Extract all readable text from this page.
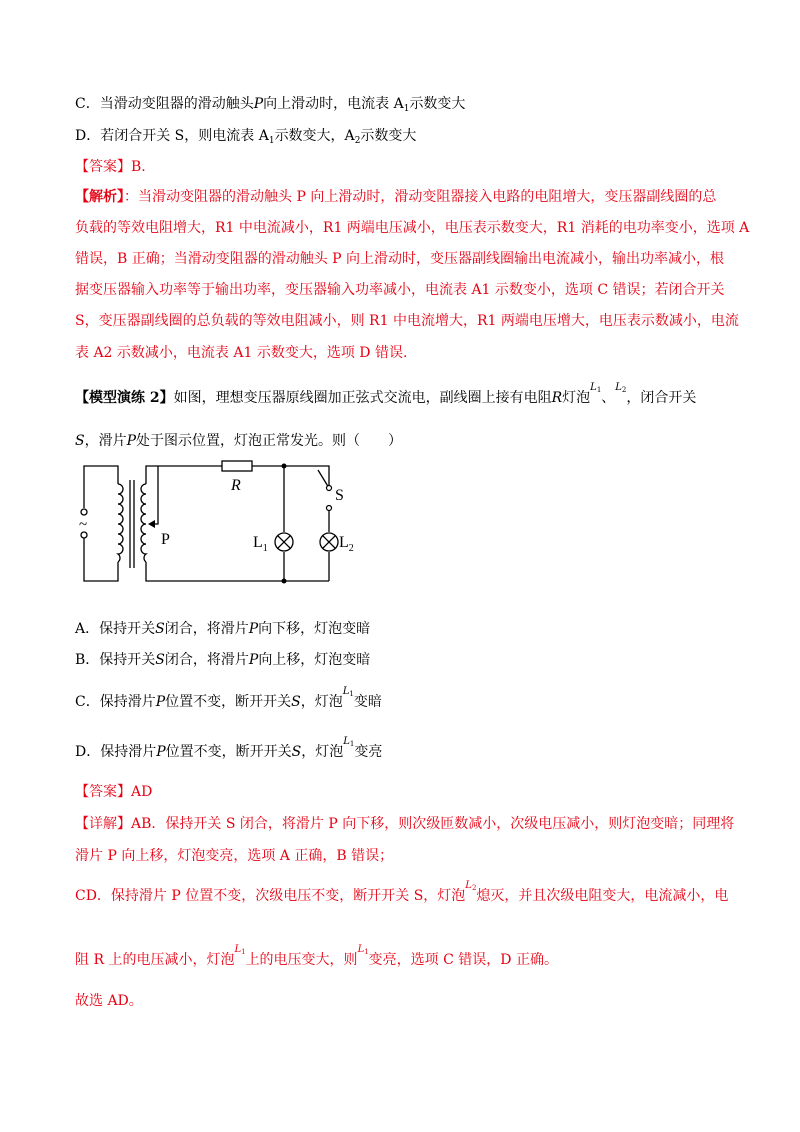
C．当滑动变阻器的滑动触头P向上滑动时，电流表 $A_1$示数变大
D．若闭合开关 S，则电流表 $A_1$示数变大，$A_2$示数变大
【答案】B.
【解析】：当滑动变阻器的滑动触头 P 向上滑动时，滑动变阻器接入电路的电阻增大，变压器副线圈的总
负载的等效电阻增大，R1 中电流减小，R1 两端电压减小，电压表示数变大，R1 消耗的电功率变小，选项 A
错误，B 正确；当滑动变阻器的滑动触头 P 向上滑动时，变压器副线圈输出电流减小，输出功率减小，根
据变压器输入功率等于输出功率，变压器输入功率减小，电流表 A1 示数变小，选项 C 错误；若闭合开关
S，变压器副线圈的总负载的等效电阻减小，则 R1 中电流增大，R1 两端电压增大，电压表示数减小，电流
表 A2 示数减小，电流表 A1 示数变大，选项 D 错误.
【模型演练 2】如图，理想变压器原线圈加正弦式交流电，副线圈上接有电阻R灯泡$^{L_1}$、$^{L_2}$，闭合开关
S，滑片P处于图示位置，灯泡正常发光。则（　　）
~
R
P
S
$L_1$	$L_2$
A．保持开关S闭合，将滑片P向下移，灯泡变暗
B．保持开关S闭合，将滑片P向上移，灯泡变暗
C．保持滑片P位置不变，断开开关S，灯泡$^{L_1}$变暗
D．保持滑片P位置不变，断开开关S，灯泡$^{L_1}$变亮
【答案】AD
【详解】AB．保持开关 S 闭合，将滑片 P 向下移，则次级匝数减小，次级电压减小，则灯泡变暗；同理将
滑片 P 向上移，灯泡变亮，选项 A 正确，B 错误；
CD．保持滑片 P 位置不变，次级电压不变，断开开关 S，灯泡$^{L_2}$熄灭，并且次级电阻变大，电流减小，电
阻 R 上的电压减小，灯泡$^{L_1}$上的电压变大，则$^{L_1}$变亮，选项 C 错误，D 正确。
故选 AD。
